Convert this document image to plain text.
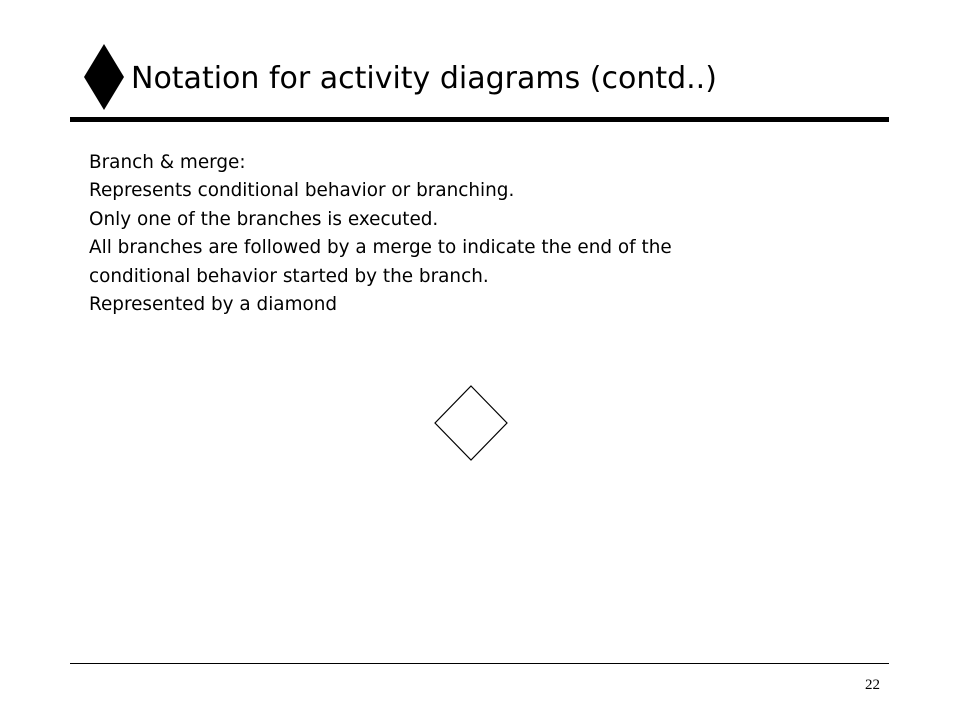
Notation for activity diagrams (contd..)
Branch & merge:
Represents conditional behavior or branching.
Only one of the branches is executed.
All branches are followed by a merge to indicate the end of the
conditional behavior started by the branch.
Represented by a diamond
22
